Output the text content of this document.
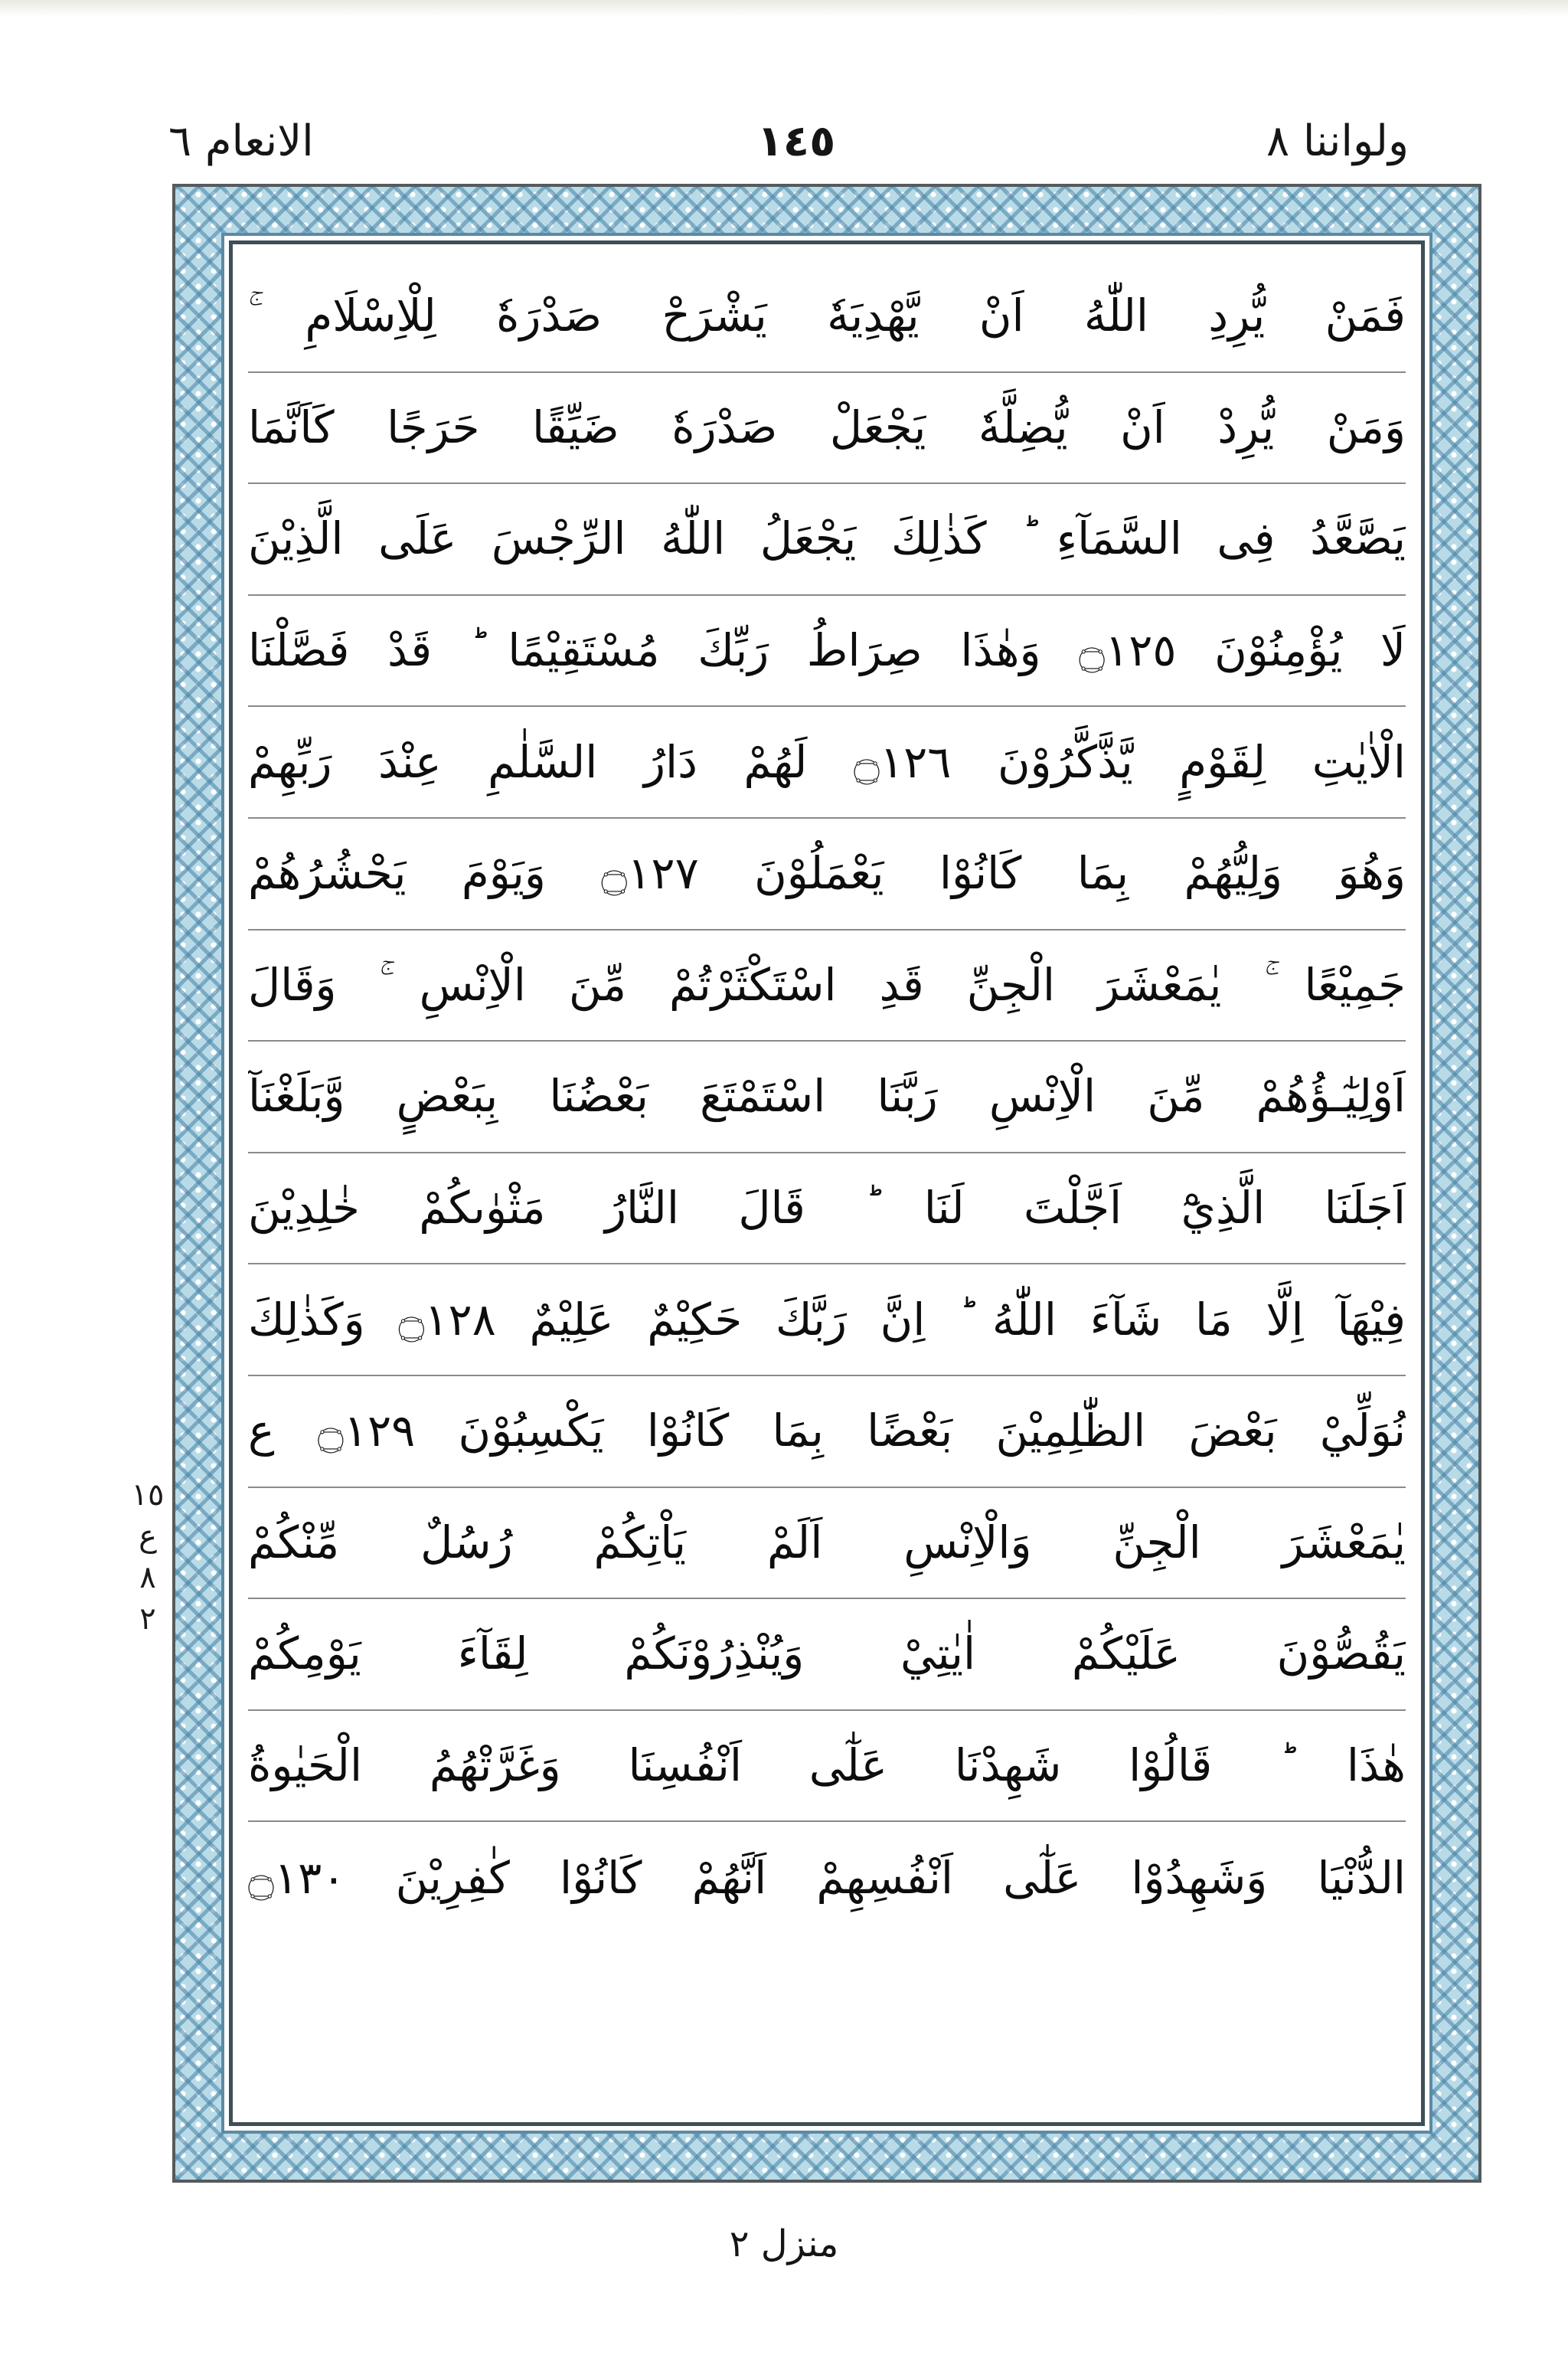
ولواننا ٨
١٤٥
الانعام ٦
فَمَنْ يُّرِدِ اللّٰهُ اَنْ يَّهْدِيَهٗ يَشْرَحْ صَدْرَهٗ لِلْاِسْلَامِ ۚ
وَمَنْ يُّرِدْ اَنْ يُّضِلَّهٗ يَجْعَلْ صَدْرَهٗ ضَيِّقًا حَرَجًا كَاَنَّمَا
يَصَّعَّدُ فِى السَّمَآءِ ؕ كَذٰلِكَ يَجْعَلُ اللّٰهُ الرِّجْسَ عَلَى الَّذِيْنَ
لَا يُؤْمِنُوْنَ ۝١٢٥ وَهٰذَا صِرَاطُ رَبِّكَ مُسْتَقِيْمًا ؕ قَدْ فَصَّلْنَا
الْاٰيٰتِ لِقَوْمٍ يَّذَّكَّرُوْنَ ۝١٢٦ لَهُمْ دَارُ السَّلٰمِ عِنْدَ رَبِّهِمْ
وَهُوَ وَلِيُّهُمْ بِمَا كَانُوْا يَعْمَلُوْنَ ۝١٢٧ وَيَوْمَ يَحْشُرُهُمْ
جَمِيْعًا ۚ يٰمَعْشَرَ الْجِنِّ قَدِ اسْتَكْثَرْتُمْ مِّنَ الْاِنْسِ ۚ وَقَالَ
اَوْلِيٰٓـؤُهُمْ مِّنَ الْاِنْسِ رَبَّنَا اسْتَمْتَعَ بَعْضُنَا بِبَعْضٍ وَّبَلَغْنَآ
اَجَلَنَا الَّذِيْٓ اَجَّلْتَ لَنَا ؕ قَالَ النَّارُ مَثْوٰىكُمْ خٰلِدِيْنَ
فِيْهَآ اِلَّا مَا شَآءَ اللّٰهُ ؕ اِنَّ رَبَّكَ حَكِيْمٌ عَلِيْمٌ ۝١٢٨ وَكَذٰلِكَ
نُوَلِّيْ بَعْضَ الظّٰلِمِيْنَ بَعْضًا بِمَا كَانُوْا يَكْسِبُوْنَ ۝١٢٩ ع
يٰمَعْشَرَ الْجِنِّ وَالْاِنْسِ اَلَمْ يَاْتِكُمْ رُسُلٌ مِّنْكُمْ
يَقُصُّوْنَ عَلَيْكُمْ اٰيٰتِيْ وَيُنْذِرُوْنَكُمْ لِقَآءَ يَوْمِكُمْ
هٰذَا ؕ قَالُوْا شَهِدْنَا عَلٰٓى اَنْفُسِنَا وَغَرَّتْهُمُ الْحَيٰوةُ
الدُّنْيَا وَشَهِدُوْا عَلٰٓى اَنْفُسِهِمْ اَنَّهُمْ كَانُوْا كٰفِرِيْنَ ۝١٣٠
١٥
ع
٨
٢
منزل ٢
